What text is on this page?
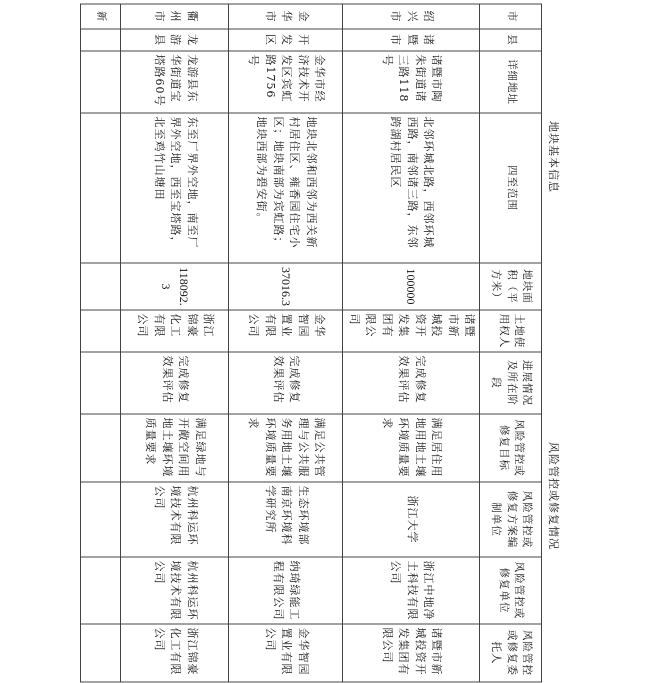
地块基本信息					风险管控或修复情况					
市	县	详细地址	四至范围	地块面积（平方米）	土地使用权人	进展情况及所在阶段	风险管控或修复目标	风险管控或修复方案编制单位	风险管控或修复单位	风险管控或修复委托人
绍兴市	诸暨市	诸暨市陶朱街道诸三路118号	北邻环城北路，西邻环城西路，南邻诸三路，东邻跨湖村居民区	100000	诸暨市新城投资开发集团有限公司	完成修复效果评估	满足居住用地用地土壤环境质量要求	浙江大学	浙江中地净土科技有限公司	诸暨市新城投资开发集团有限公司
金华市	开发区	金华市经济技术开发区宾虹路1756号	地块北邻和西邻为西关新村居住区、雍香园住宅小区；地块南部为宾虹路；地块西部为碧安街。	37016.3	金华智园置业有限公司	完成修复效果评估	满足公共管理与公共服务用地土壤环境质量要求	生态环境部南京环境科学研究所	纳琦绿能工程有限公司	金华智园置业有限公司
衢州市	龙游县	龙游县东华街道宝塔路60号	东至厂界外空地，南至厂界外空地，西至宝塔路，北至鸡竹山塘田	118092.3	浙江锦豪化工有限公司	完成修复效果评估	满足绿地与开敞空间用地土壤环境质量要求	杭州科运环境技术有限公司	杭州科运环境技术有限公司	浙江锦豪化工有限公司
新										
